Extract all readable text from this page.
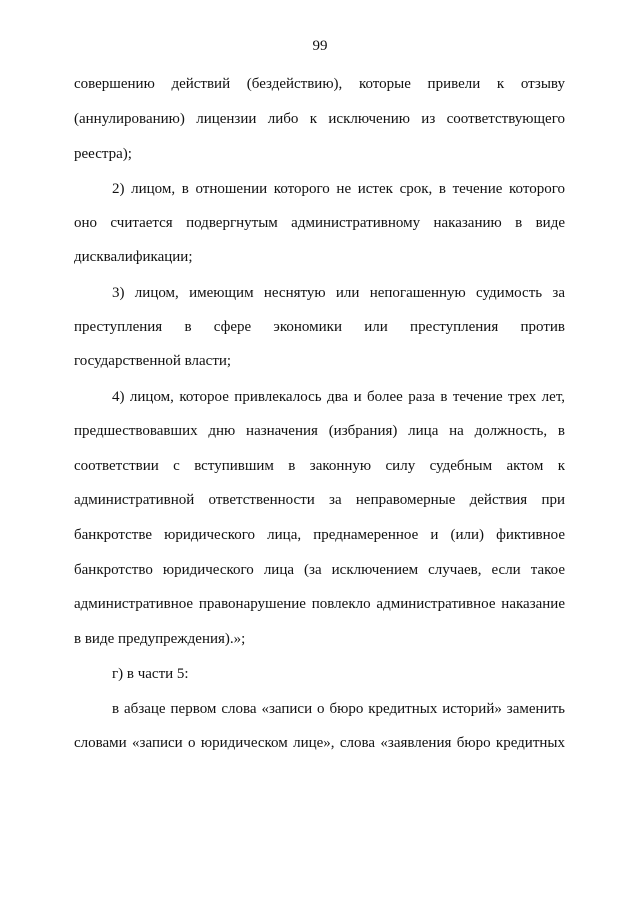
99
совершению действий (бездействию), которые привели к отзыву
(аннулированию) лицензии либо к исключению из соответствующего
реестра);
2) лицом, в отношении которого не истек срок, в течение которого
оно считается подвергнутым административному наказанию в виде
дисквалификации;
3) лицом, имеющим неснятую или непогашенную судимость за
преступления в сфере экономики или преступления против
государственной власти;
4) лицом, которое привлекалось два и более раза в течение трех лет,
предшествовавших дню назначения (избрания) лица на должность, в
соответствии с вступившим в законную силу судебным актом к
административной ответственности за неправомерные действия при
банкротстве юридического лица, преднамеренное и (или) фиктивное
банкротство юридического лица (за исключением случаев, если такое
административное правонарушение повлекло административное наказание
в виде предупреждения).»;
г) в части 5:
в абзаце первом слова «записи о бюро кредитных историй» заменить
словами «записи о юридическом лице», слова «заявления бюро кредитных
